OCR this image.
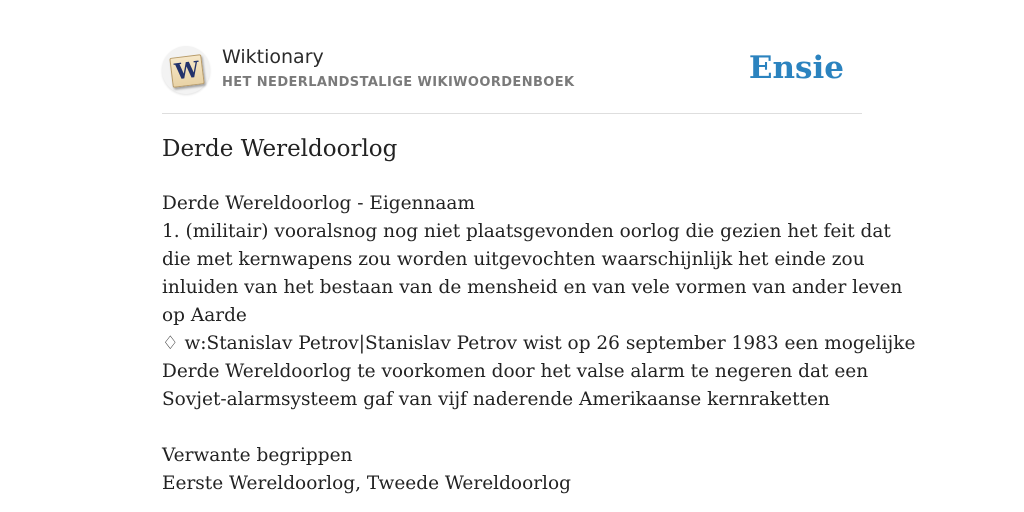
W Wiktionary
HET NEDERLANDSTALIGE WIKIWOORDENBOEK	Ensie
Derde Wereldoorlog
Derde Wereldoorlog - Eigennaam
1. (militair) vooralsnog nog niet plaatsgevonden oorlog die gezien het feit dat
die met kernwapens zou worden uitgevochten waarschijnlijk het einde zou
inluiden van het bestaan van de mensheid en van vele vormen van ander leven
op Aarde
♢ w:Stanislav Petrov|Stanislav Petrov wist op 26 september 1983 een mogelijke
Derde Wereldoorlog te voorkomen door het valse alarm te negeren dat een
Sovjet-alarmsysteem gaf van vijf naderende Amerikaanse kernraketten
Verwante begrippen
Eerste Wereldoorlog, Tweede Wereldoorlog
